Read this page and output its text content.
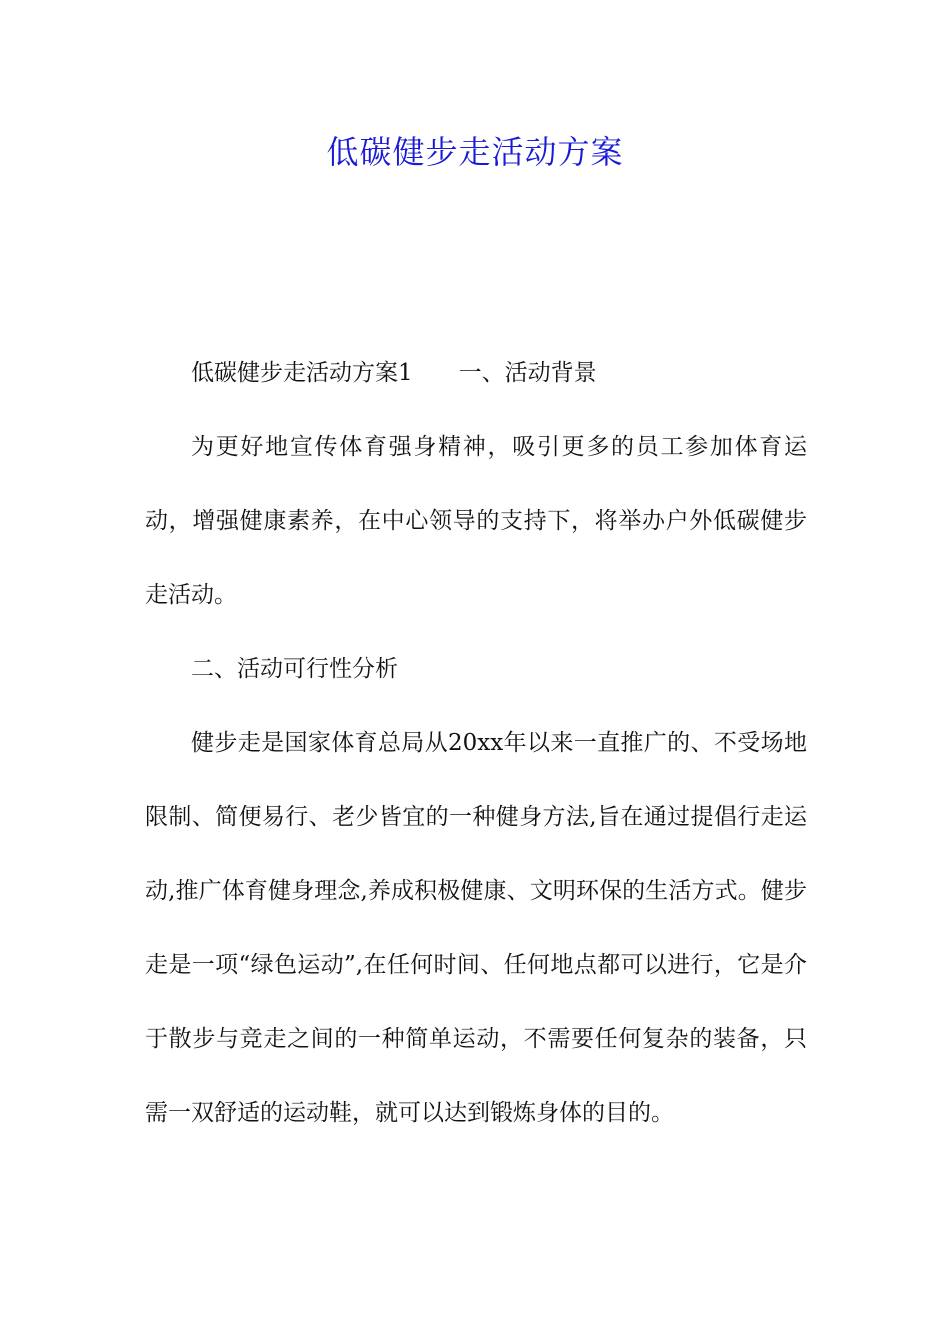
低碳健步走活动方案

低碳健步走活动方案1 一、活动背景

为更好地宣传体育强身精神，吸引更多的员工参加体育运动，增强健康素养，在中心领导的支持下，将举办户外低碳健步走活动。

二、活动可行性分析

健步走是国家体育总局从20xx年以来一直推广的、不受场地限制、简便易行、老少皆宜的一种健身方法,旨在通过提倡行走运动,推广体育健身理念,养成积极健康、文明环保的生活方式。健步走是一项“绿色运动”,在任何时间、任何地点都可以进行，它是介于散步与竞走之间的一种简单运动，不需要任何复杂的装备，只需一双舒适的运动鞋，就可以达到锻炼身体的目的。
